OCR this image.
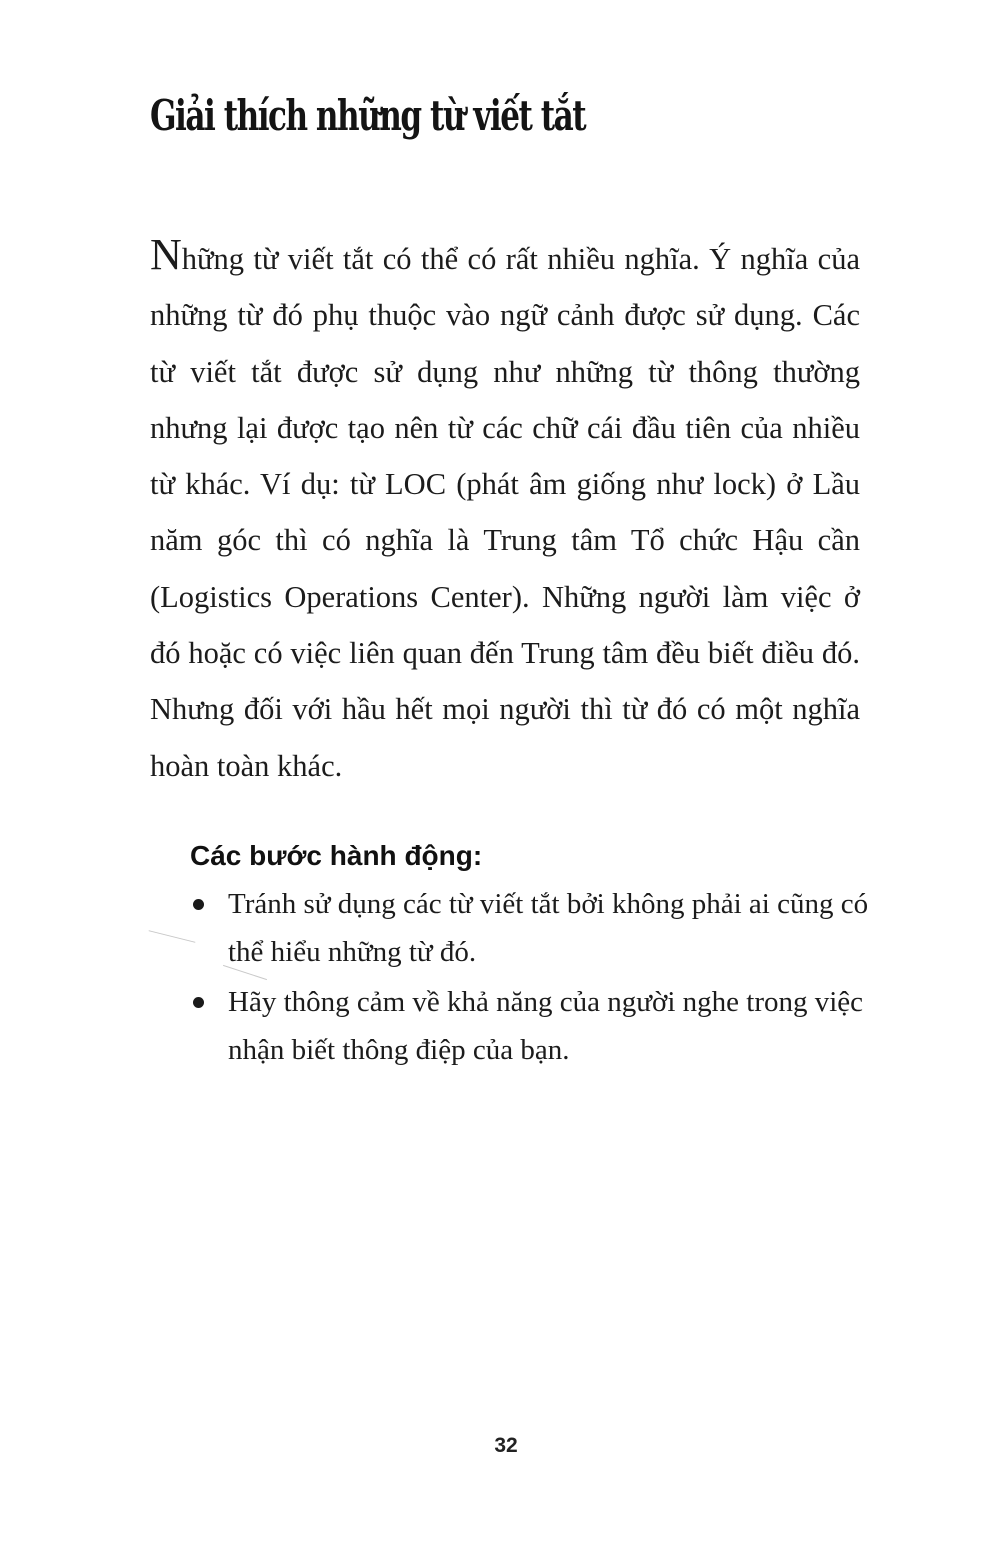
Giải thích những từ viết tắt

Những từ viết tắt có thể có rất nhiều nghĩa. Ý nghĩa của những từ đó phụ thuộc vào ngữ cảnh được sử dụng. Các từ viết tắt được sử dụng như những từ thông thường nhưng lại được tạo nên từ các chữ cái đầu tiên của nhiều từ khác. Ví dụ: từ LOC (phát âm giống như lock) ở Lầu năm góc thì có nghĩa là Trung tâm Tổ chức Hậu cần (Logistics Operations Center). Những người làm việc ở đó hoặc có việc liên quan đến Trung tâm đều biết điều đó. Nhưng đối với hầu hết mọi người thì từ đó có một nghĩa hoàn toàn khác.

Các bước hành động:
Tránh sử dụng các từ viết tắt bởi không phải ai cũng có thể hiểu những từ đó.
Hãy thông cảm về khả năng của người nghe trong việc nhận biết thông điệp của bạn.
32
